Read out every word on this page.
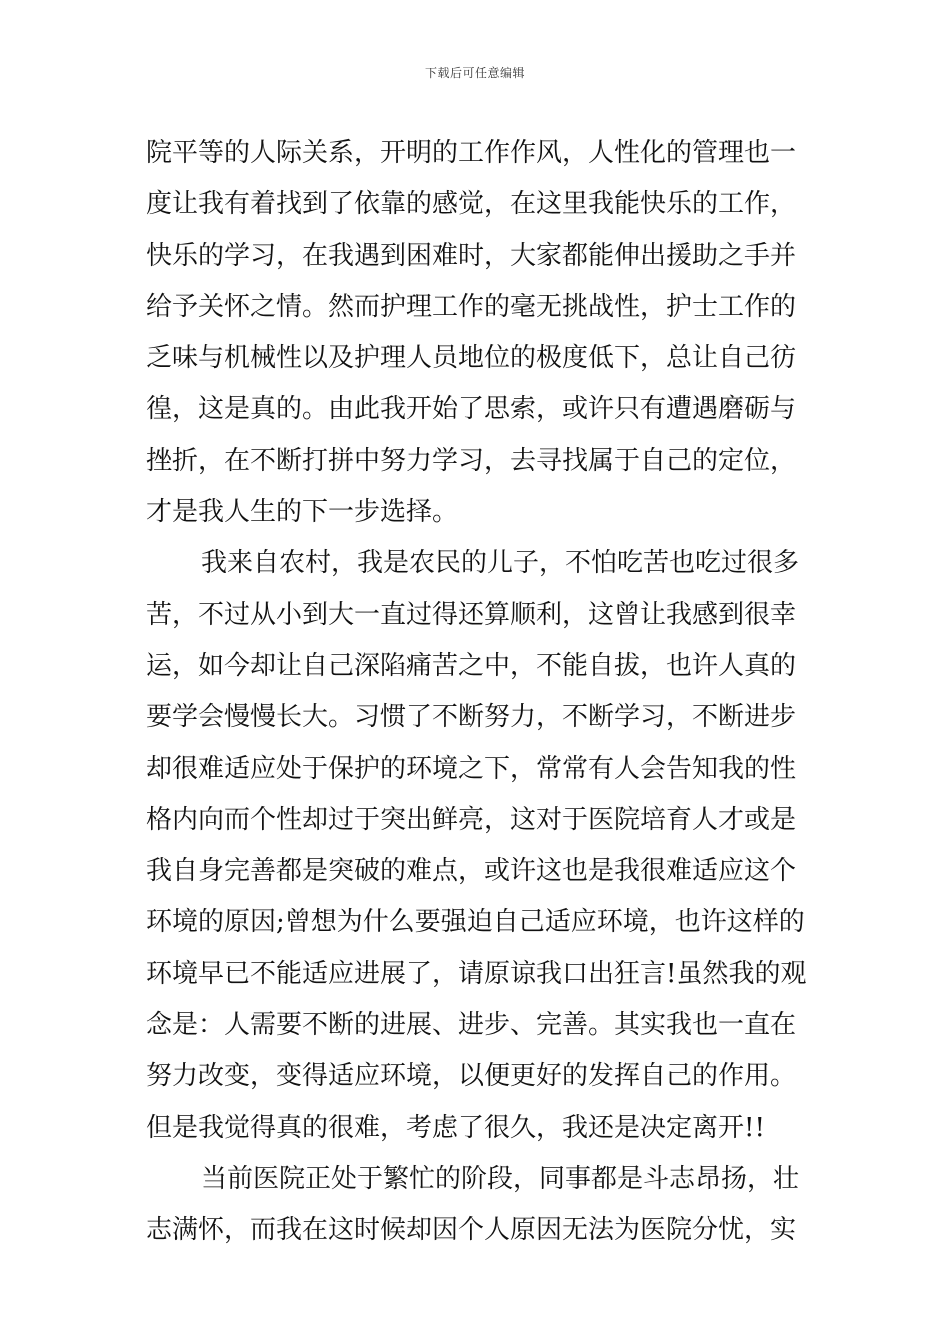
下载后可任意编辑
院平等的人际关系，开明的工作作风，人性化的管理也一
度让我有着找到了依靠的感觉，在这里我能快乐的工作，
快乐的学习，在我遇到困难时，大家都能伸出援助之手并
给予关怀之情。然而护理工作的毫无挑战性，护士工作的
乏味与机械性以及护理人员地位的极度低下，总让自己彷
徨，这是真的。由此我开始了思索，或许只有遭遇磨砺与
挫折，在不断打拼中努力学习，去寻找属于自己的定位，
才是我人生的下一步选择。
我来自农村，我是农民的儿子，不怕吃苦也吃过很多
苦，不过从小到大一直过得还算顺利，这曾让我感到很幸
运，如今却让自己深陷痛苦之中，不能自拔，也许人真的
要学会慢慢长大。习惯了不断努力，不断学习，不断进步
却很难适应处于保护的环境之下，常常有人会告知我的性
格内向而个性却过于突出鲜亮，这对于医院培育人才或是
我自身完善都是突破的难点，或许这也是我很难适应这个
环境的原因;曾想为什么要强迫自己适应环境，也许这样的
环境早已不能适应进展了，请原谅我口出狂言!虽然我的观
念是：人需要不断的进展、进步、完善。其实我也一直在
努力改变，变得适应环境，以便更好的发挥自己的作用。
但是我觉得真的很难，考虑了很久，我还是决定离开!!
当前医院正处于繁忙的阶段，同事都是斗志昂扬，壮
志满怀，而我在这时候却因个人原因无法为医院分忧，实
